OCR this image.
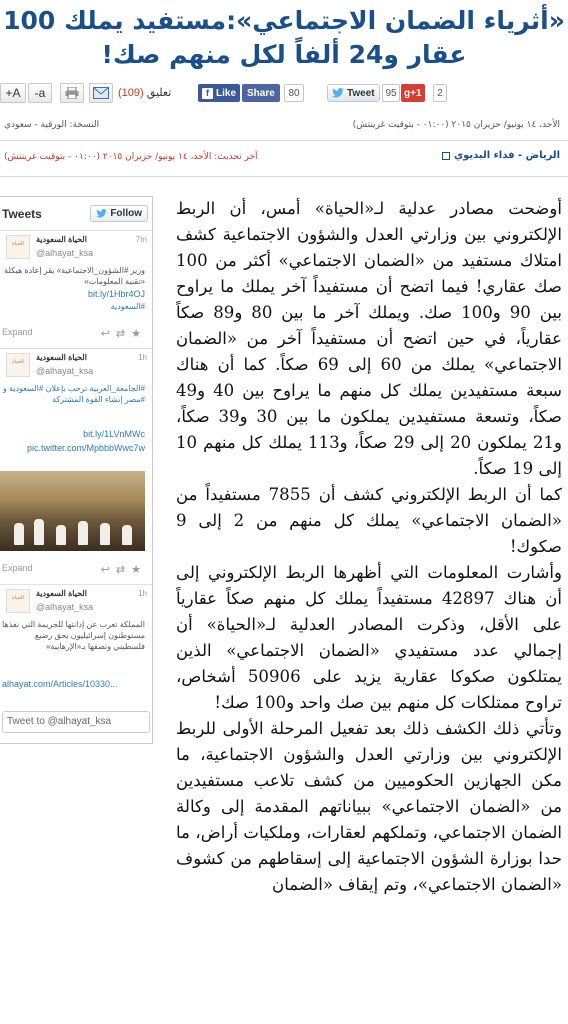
«أثرياء الضمان الاجتماعي»:مستفيد يملك 100
عقار و24 ألفاً لكل منهم صك!
+A	-a	تعليق (109)	f Like	Share	80	Tweet	95 g +1	2
الأحد، ١٤ يونيو/ حزيران ٢٠١٥ (٠١:٠٠ - بتوقيت غرينتش)
النسخة: الورقية - سعودي
الرياض - فداء البديوي
آخر تحديث: الأحد، ١٤ يونيو/ حزيران ٢٠١٥ (٠١:٠٠ - بتوقيت غرينتش)
Tweets	Follow
الحياة	الحياة السعودية
@alhayat_ksa
7m
وزير #الشؤون_الاجتماعية» يقر إعادة هيكلة «تقنية المعلومات»
bit.ly/1Hbr4OJ
#السعودية
Expand	↩⇄★
الحياة	الحياة السعودية
@alhayat_ksa
1h
#الجامعة_العربية ترحب بإعلان #السعودية و #مصر إنشاء القوة المشتركة
bit.ly/1LVnMWc
pic.twitter.com/MpbbbWwc7w
Expand	↩⇄★
الحياة	الحياة السعودية
@alhayat_ksa
1h
المملكة تعرب عن إدانتها للجريمة التي نفذها مستوطنون إسرائيليون بحق رضيع فلسطيني وتصفها بـ«الإرهابية»
alhayat.com/Articles/10330...
Tweet to @alhayat_ksa

أوضحت مصادر عدلية لـ«الحياة» أمس، أن الربط الإلكتروني بين وزارتي العدل والشؤون الاجتماعية كشف امتلاك مستفيد من «الضمان الاجتماعي» أكثر من 100 صك عقاري! فيما اتضح أن مستفيداً آخر يملك ما يراوح بين 90 و100 صك. ويملك آخر ما بين 80 و89 صكاً عقارياً، في حين اتضح أن مستفيداً آخر من «الضمان الاجتماعي» يملك من 60 إلى 69 صكاً. كما أن هناك سبعة مستفيدين يملك كل منهم ما يراوح بين 40 و49 صكاً، وتسعة مستفيدين يملكون ما بين 30 و39 صكاً، و21 يملكون 20 إلى 29 صكاً، و113 يملك كل منهم 10 إلى 19 صكاً.

كما أن الربط الإلكتروني كشف أن 7855 مستفيداً من «الضمان الاجتماعي» يملك كل منهم من 2 إلى 9 صكوك!

وأشارت المعلومات التي أظهرها الربط الإلكتروني إلى أن هناك 42897 مستفيداً يملك كل منهم صكاً عقارياً على الأقل، وذكرت المصادر العدلية لـ«الحياة» أن إجمالي عدد مستفيدي «الضمان الاجتماعي» الذين يمتلكون صكوكا عقارية يزيد على 50906 أشخاص، تراوح ممتلكات كل منهم بين صك واحد و100 صك!

وتأتي ذلك الكشف ذلك بعد تفعيل المرحلة الأولى للربط الإلكتروني بين وزارتي العدل والشؤون الاجتماعية، ما مكن الجهازين الحكوميين من كشف تلاعب مستفيدين من «الضمان الاجتماعي» ببياناتهم المقدمة إلى وكالة الضمان الاجتماعي، وتملكهم لعقارات، وملكيات أراض، ما حدا بوزارة الشؤون الاجتماعية إلى إسقاطهم من كشوف «الضمان الاجتماعي»، وتم إيقاف «الضمان
